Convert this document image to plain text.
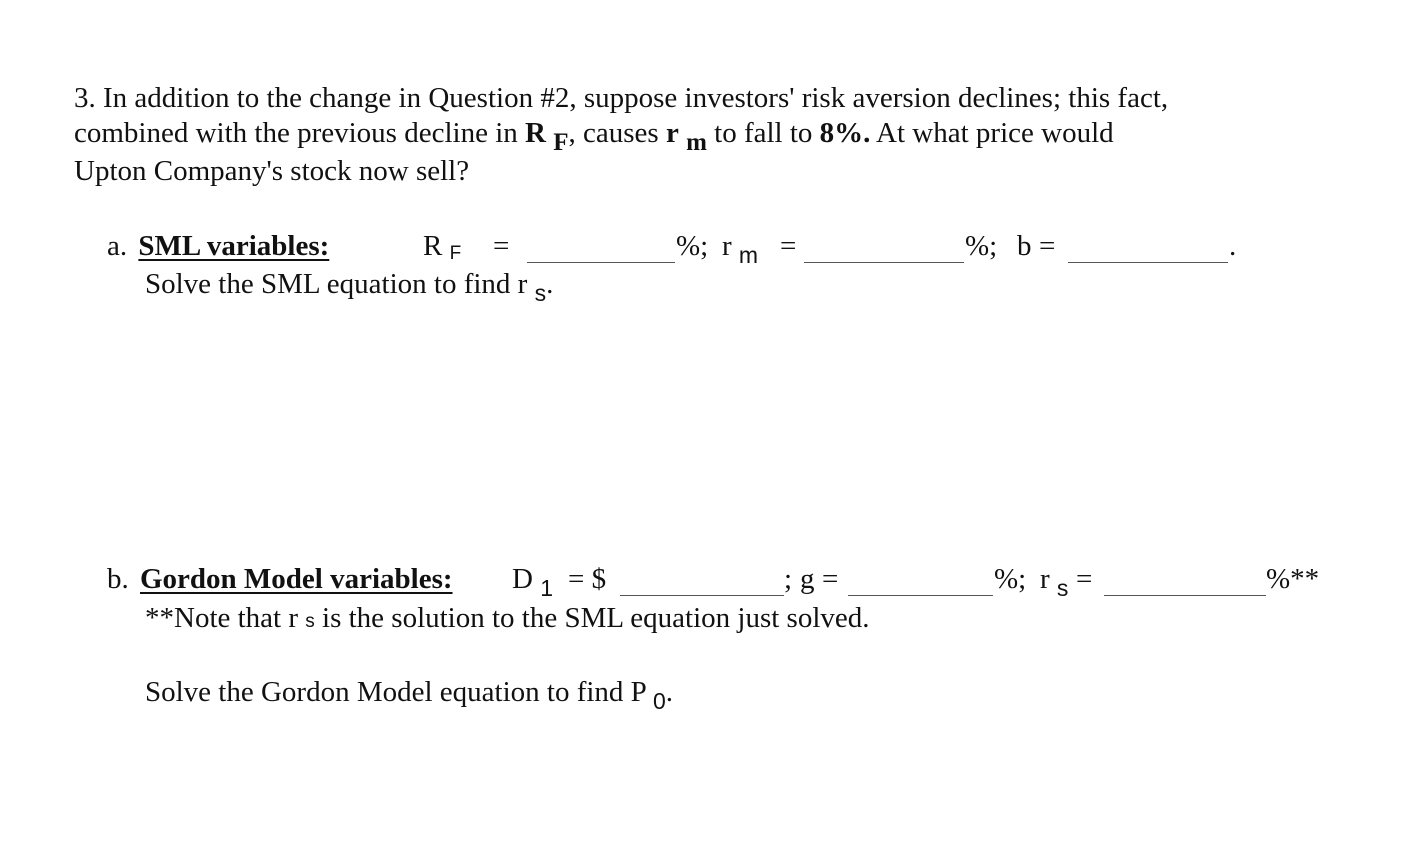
3. In addition to the change in Question #2, suppose investors' risk aversion declines; this fact,
combined with the previous decline in R F, causes r m to fall to 8%. At what price would
Upton Company's stock now sell?
a. SML variables:	R F =	%; r $_m$ =	%; b =	.
Solve the SML equation to find r $_s$.
b. Gordon Model variables: D $_1$ = $	; g =	%; r $_s$ =	%**
**Note that r s is the solution to the SML equation just solved.
Solve the Gordon Model equation to find P $_0$.
